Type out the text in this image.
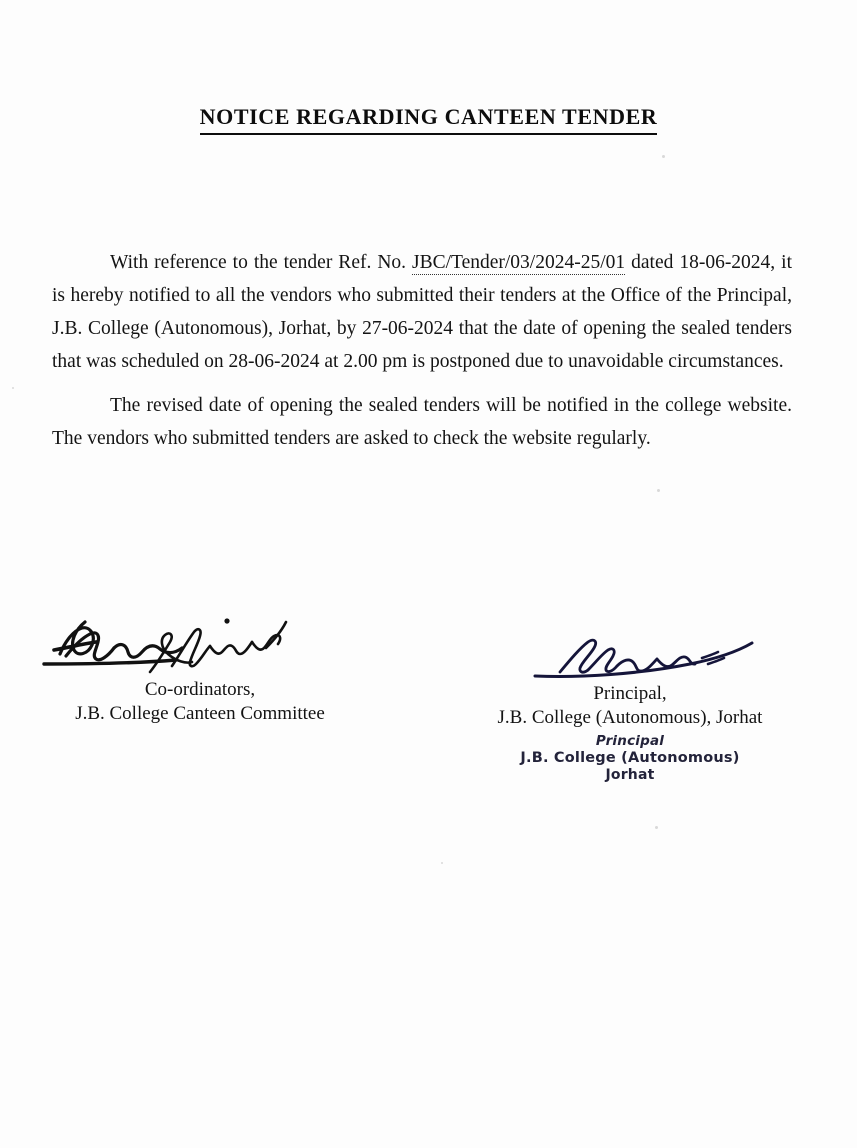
NOTICE REGARDING CANTEEN TENDER

With reference to the tender Ref. No. JBC/Tender/03/2024-25/01 dated 18-06-2024, it is hereby notified to all the vendors who submitted their tenders at the Office of the Principal, J.B. College (Autonomous), Jorhat, by 27-06-2024 that the date of opening the sealed tenders that was scheduled on 28-06-2024 at 2.00 pm is postponed due to unavoidable circumstances.

The revised date of opening the sealed tenders will be notified in the college website. The vendors who submitted tenders are asked to check the website regularly.

Co-ordinators,
J.B. College Canteen Committee
Principal,
J.B. College (Autonomous), Jorhat
Principal
J.B. College (Autonomous)
Jorhat
